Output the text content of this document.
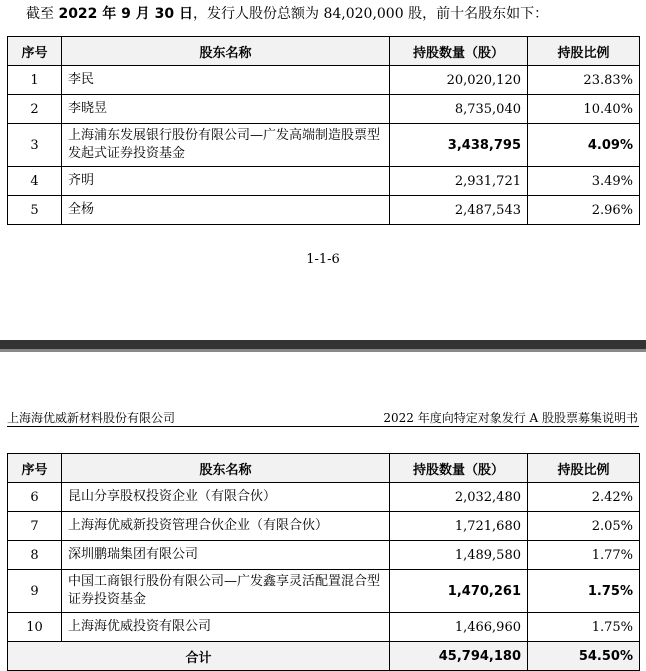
截至 2022 年 9 月 30 日，发行人股份总额为 84,020,000 股，前十名股东如下：
序号	股东名称	持股数量（股）	持股比例
1	李民	20,020,120	23.83%
2	李晓昱	8,735,040	10.40%
3	上海浦东发展银行股份有限公司—广发高端制造股票型发起式证券投资基金	3,438,795	4.09%
4	齐明	2,931,721	3.49%
5	全杨	2,487,543	2.96%
1-1-6
上海海优威新材料股份有限公司	2022 年度向特定对象发行 A 股股票募集说明书
序号	股东名称	持股数量（股）	持股比例
6	昆山分享股权投资企业（有限合伙）	2,032,480	2.42%
7	上海海优威新投资管理合伙企业（有限合伙）	1,721,680	2.05%
8	深圳鹏瑞集团有限公司	1,489,580	1.77%
9	中国工商银行股份有限公司—广发鑫享灵活配置混合型证券投资基金	1,470,261	1.75%
10	上海海优威投资有限公司	1,466,960	1.75%
合计		45,794,180	54.50%
